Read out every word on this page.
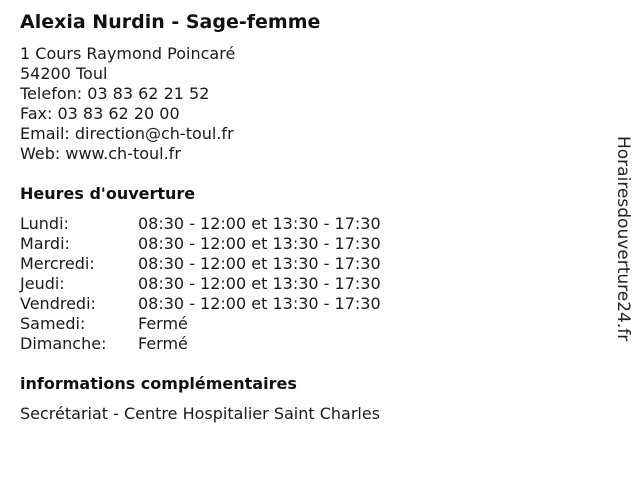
Alexia Nurdin - Sage-femme
1 Cours Raymond Poincaré
54200 Toul
Telefon: 03 83 62 21 52
Fax: 03 83 62 20 00
Email: direction@ch-toul.fr
Web: www.ch-toul.fr
Heures d'ouverture
Lundi:	08:30 - 12:00 et 13:30 - 17:30
Mardi:	08:30 - 12:00 et 13:30 - 17:30
Mercredi:	08:30 - 12:00 et 13:30 - 17:30
Jeudi:	08:30 - 12:00 et 13:30 - 17:30
Vendredi:	08:30 - 12:00 et 13:30 - 17:30
Samedi:	Fermé
Dimanche:	Fermé
informations complémentaires
Secrétariat - Centre Hospitalier Saint Charles
Horairesdouverture24.fr
